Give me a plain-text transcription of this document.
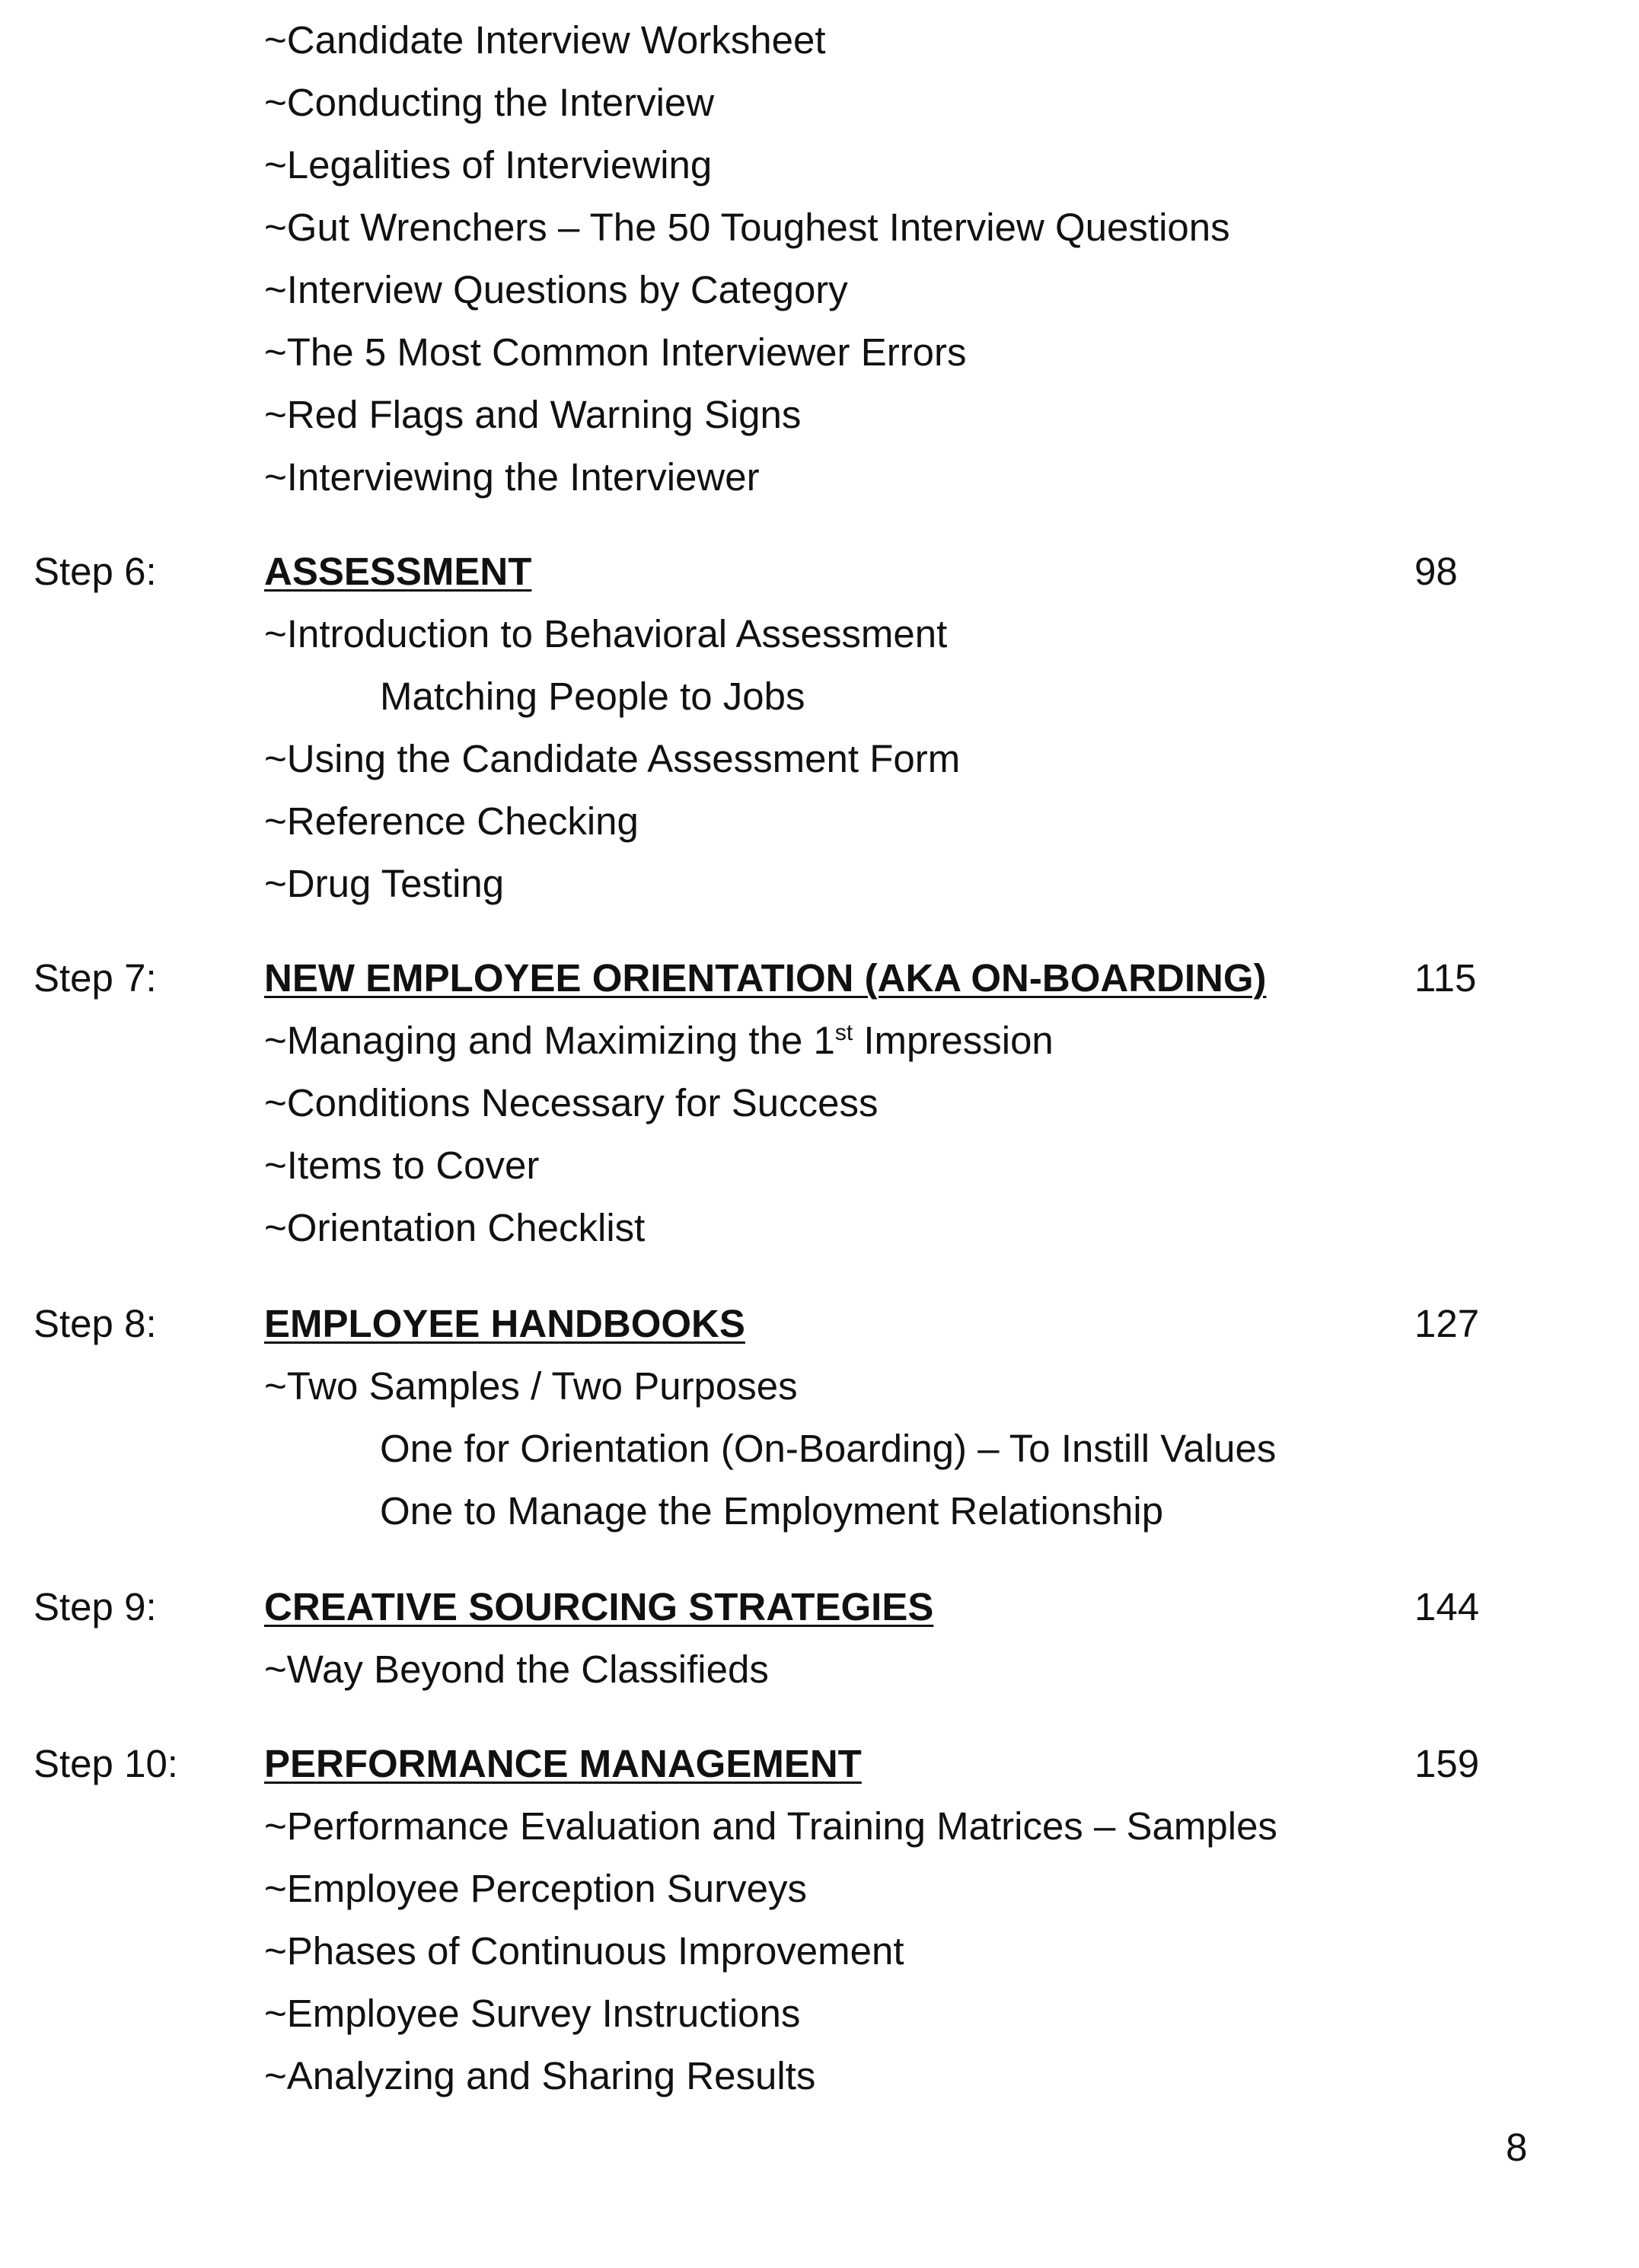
~Candidate Interview Worksheet
~Conducting the Interview
~Legalities of Interviewing
~Gut Wrenchers – The 50 Toughest Interview Questions
~Interview Questions by Category
~The 5 Most Common Interviewer Errors
~Red Flags and Warning Signs
~Interviewing the Interviewer
Step 6:	ASSESSMENT	98
~Introduction to Behavioral Assessment
Matching People to Jobs
~Using the Candidate Assessment Form
~Reference Checking
~Drug Testing
Step 7:	NEW EMPLOYEE ORIENTATION (AKA ON-BOARDING)	115
~Managing and Maximizing the 1st Impression
~Conditions Necessary for Success
~Items to Cover
~Orientation Checklist
Step 8:	EMPLOYEE HANDBOOKS	127
~Two Samples / Two Purposes
One for Orientation (On-Boarding) – To Instill Values
One to Manage the Employment Relationship
Step 9:	CREATIVE SOURCING STRATEGIES	144
~Way Beyond the Classifieds
Step 10: PERFORMANCE MANAGEMENT	159
~Performance Evaluation and Training Matrices – Samples
~Employee Perception Surveys
~Phases of Continuous Improvement
~Employee Survey Instructions
~Analyzing and Sharing Results
8
